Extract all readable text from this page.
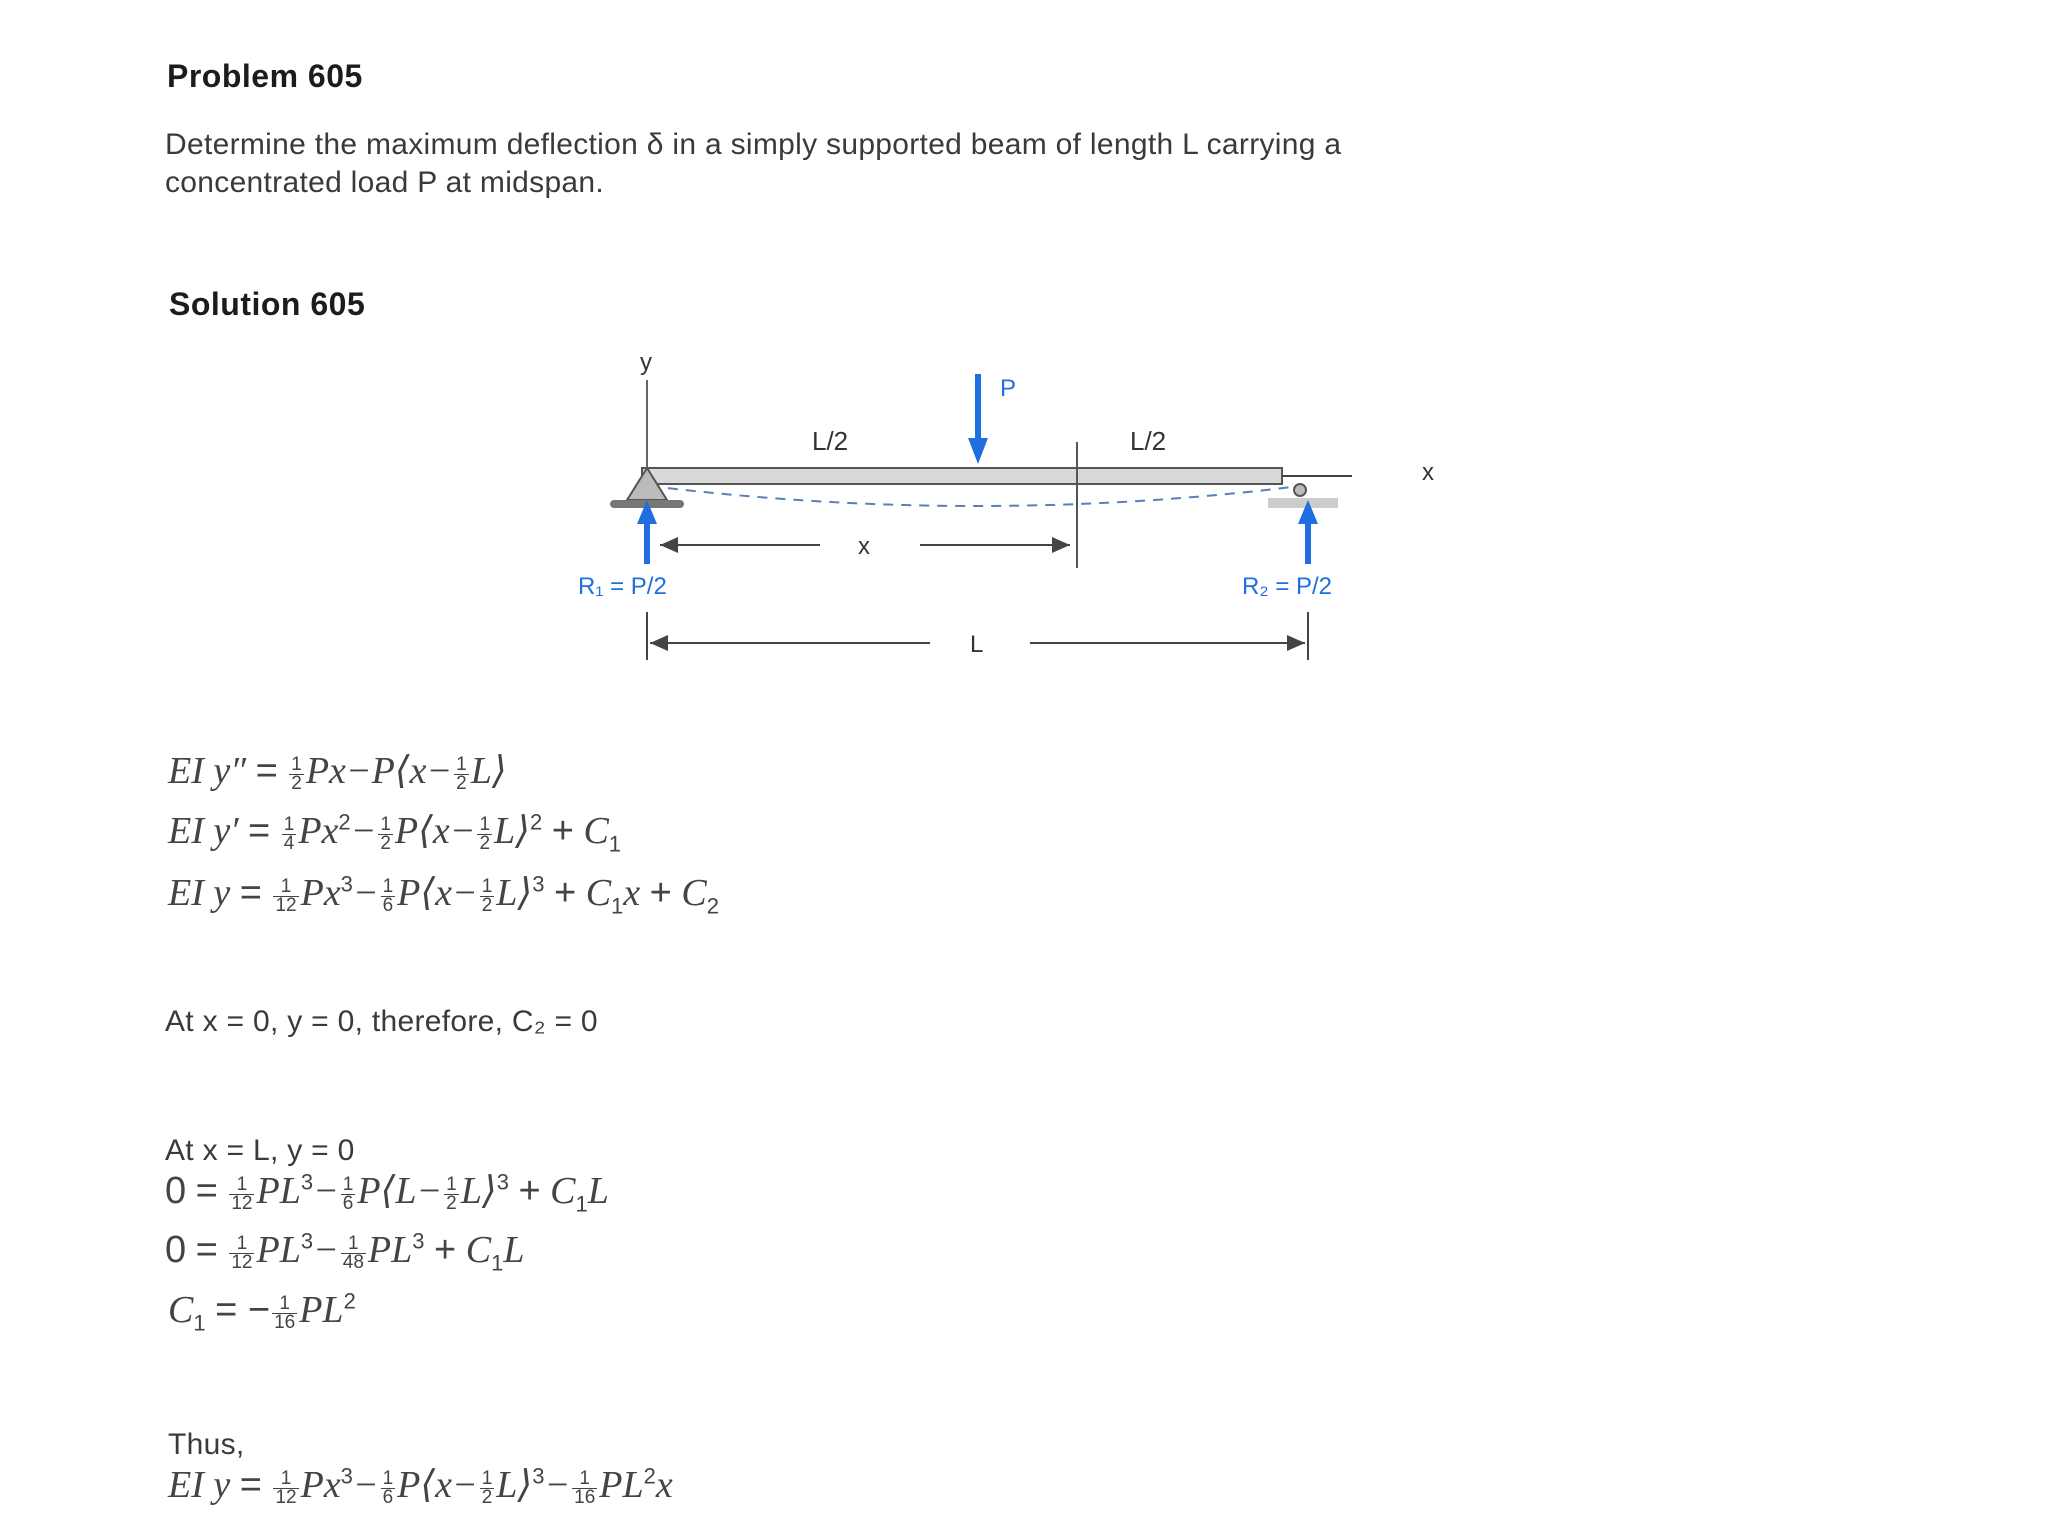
Problem 605
Determine the maximum deflection δ in a simply supported beam of length L carrying a
concentrated load P at midspan.
Solution 605
y
x
P
L/2	L/2
R₁ = P/2	R₂ = P/2
x
L
EI $y'' = \frac{1}{2}$ Px−P⟨x− $\frac{1}{2}$ L⟩
EI $y' = \frac{1}{4} Px^2- \frac{1}{2}$ P⟨x− $\frac{1}{2}$ L⟩$^2$ + $C_1$
EI $y = \frac{1}{12} Px^3- \frac{1}{6}$ P⟨x− $\frac{1}{2}$ L⟩$^3$ + $C_1x + C_2$
At x = 0, y = 0, therefore, C₂ = 0
At x = L, y = 0
$0 = \frac{1}{12} PL^3- \frac{1}{6}$ P⟨L− $\frac{1}{2}$ L⟩$^3$ + $C_1L$
$0 = \frac{1}{12} PL^3- \frac{1}{48} PL^3 + C_1L$
$C_1$ = − $\frac{1}{16} PL^2$
Thus,
EI $y = \frac{1}{12} Px^3- \frac{1}{6}$ P⟨x− $\frac{1}{2}$ L⟩$^3$− $\frac{1}{16} PL^2x$
